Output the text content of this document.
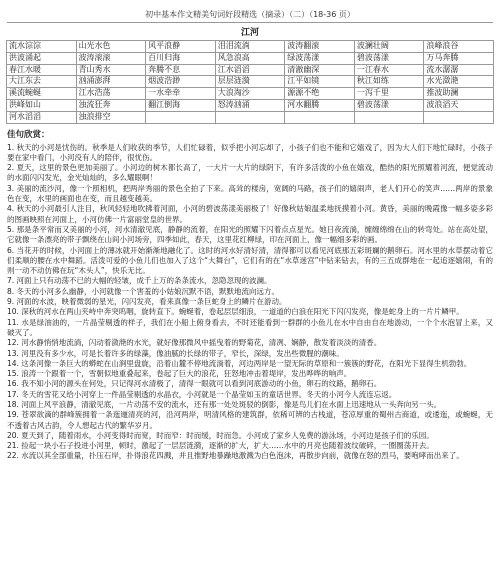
初中基本作文精美句词好段精选（摘录）（二）（18-36 页）
江河
流水淙淙	山光水色	风平浪静	泪泪流淌	波涛翻滚	波澜壮阔	浪峰浪谷
洪波涌起	波涛滚滚	百川归海	风急浪高	绿波荡漾	碧波荡漾	万马奔腾
春江水暖	青山秀水	奔腾不息	江水滔滔	清澈幽深	一江春水	流水潺潺
大江东去	汹涌澎湃	烟波浩渺	层层涟漪	江平如镜	秋江如练	水光潋滟
溪流蜿蜒	江水浩荡	一水牵牵	大浪淘沙	源源不绝	一泻千里	推波助澜
洪峰如山	浊流狂奔	翻江倒海	怒涛汹涌	河水翻腾	碧波荡漾	波浪滔天
河水滔滔	浊浪排空
佳句欣赏：

1. 秋天的小河是忧伤的。秋季是人们收获的季节，人们忙碌着，似乎把小河忘却了，小孩子们也不能和它嬉戏了，因为大人们下地忙碌时，小孩子要在家中看门，小河没有人的陪伴，很忧伤。

2. 夏天，这里的景色更加美丽了。小河边的树木都长高了，一大片一大片的绿阴下，有许多活泼的小鱼在嬉戏，酷热的阳光照耀着河流，便觉流动的水面闪闪发光，金光灿灿的，多么耀眼啊！

3. 美丽的流沙河，像一个照相机，把两岸秀丽的景色全拍了下来。高耸的楼房，宽阔的马路，孩子们的嬉闹声，老人们开心的笑声……两岸的景象色在变，水里的画面也在变，而且越变越美。

4. 秋天的小河最引人注目，秋风轻轻地吹拂着河面，小河的碧波荡漾美丽极了！好像秋姑娘温柔地抚摸着小河。黄昏，美丽的晚霞像一幅多姿多彩的图画映照在河面上，小河仿佛一片富丽堂皇的世界。

5. 那是条平常而又美丽的小河，河水清澈见底，静静的流着，在阳光的照耀下闪着点点星光。她日夜流淌，缠缠绵绵在山的转弯处。站在高处望，它就像一条漂亮的带子飘绕在山间小河场旁，四季如此，春天，这里花红柳绿，印在河面上，像一幅细多彩的画。

6. 当花开的时候，小河面上的薄冰就开始渐渐地融化了。这时的河水好清好清，清得都可以看见河底那五彩斑斓的鹅卵石。河水里的水草摆动着它们柔顺的腰在水中舞蹈。活泼可爱的小鱼儿们也加入了这个“大舞台”，它们有的在“水草迷宫”中钻来钻去，有的三五成群地在一起追逐嬉闹，有的则一动不动仿佛在玩“木头人”，快乐无比。

7. 河面上只有动荡不已的大幅的轻皱，成千上万的条条流水，忽隐忽现的波澜。

8. 冬天的小河多么幽静，小河就像一个害羞的小姑娘沉默不语，默默地流向远方。

9. 河面的水波，映着微弱的星光，闪闪发亮，看来真像一条巨蛇身上的鳞片在游动。

10. 深秋的河水在两山夹峙中奔突呜咽，旋转直下。蜿蜒着，卷起层层细浪，一道道的白浪在阳光下闪闪发亮，像是蛇身上的一片片鳞甲。

11. 水是绿油油的，一片晶莹剔透的样子，我们在小船上俯身看去，不时还能看到一群群的小鱼儿在水中自由自在地游动，一个个水泡冒上来，又破灭了。

12. 河水静悄悄地流淌，闪动着潋滟的水光，就好像那微风中摇曳着的野菊花，清冽、娴静，散发着淡淡的清香。

13. 河里没有多少水，可是长着许多的绿藻，像油腻的长绿的带子，窄长，深绿，发出些微腥的潮味。

14. 这条河像一条巨大的蟒蛇在山涧里盘旋，沿着山麓不停地流淌着，河边两岸是一望无际的草原和一簇簇的野花，在阳光下显得生机勃勃。

15. 浪涛一个跟着一个，雪朝似地重叠起来，卷起了巨大的浪花，狂怒地冲击着堤岸，发出哗哗的响声。

16. 我不知小河的源头在何处，只记得河水清极了，清得一眼就可以看到河底游动的小鱼，卵石的纹路，鹅卵石。

17. 冬天的雪花又给小河穿上一件晶莹剔透的水晶衣，小河就是一个晶莹如玉的童话世界。冬天的小河今人流连忘返。

18. 河面上风平浪静，清澈见底，一片动荡不安的流水，还有那一处处斑驳的倒影，像是鸟儿们在水面上迅速地从一头奔向另一头。

19. 苍翠欲滴的群峰簇拥着一条迤逦清亮的河，沿河两岸，明清风格的建筑群，依稀可辨的古栈道，苍凉厚重的蜀州古商道，或逶迤，或蜿蜒，无不透着古风古韵，令人想起古代的繁华岁月。

20. 夏天到了，随着雨水，小河变得时而宽，时而窄：时而缓，时而急。小河成了家乡人免费的游泳场，小河边是孩子们的乐园。

21. 捡起一块小石子投进小河里，顿时，激起了一层层涟漪，逐渐的扩大，扩大……水中的月亮也随着波纹破碎，一圈圈荡开去。

22. 水流以其全部重量，扑压石岸，扑得浪花四溅，并且推野地暴躁地激溅为白色泡沫，再散步向前，就像在怒的烈马，要咆哮而出来了。
